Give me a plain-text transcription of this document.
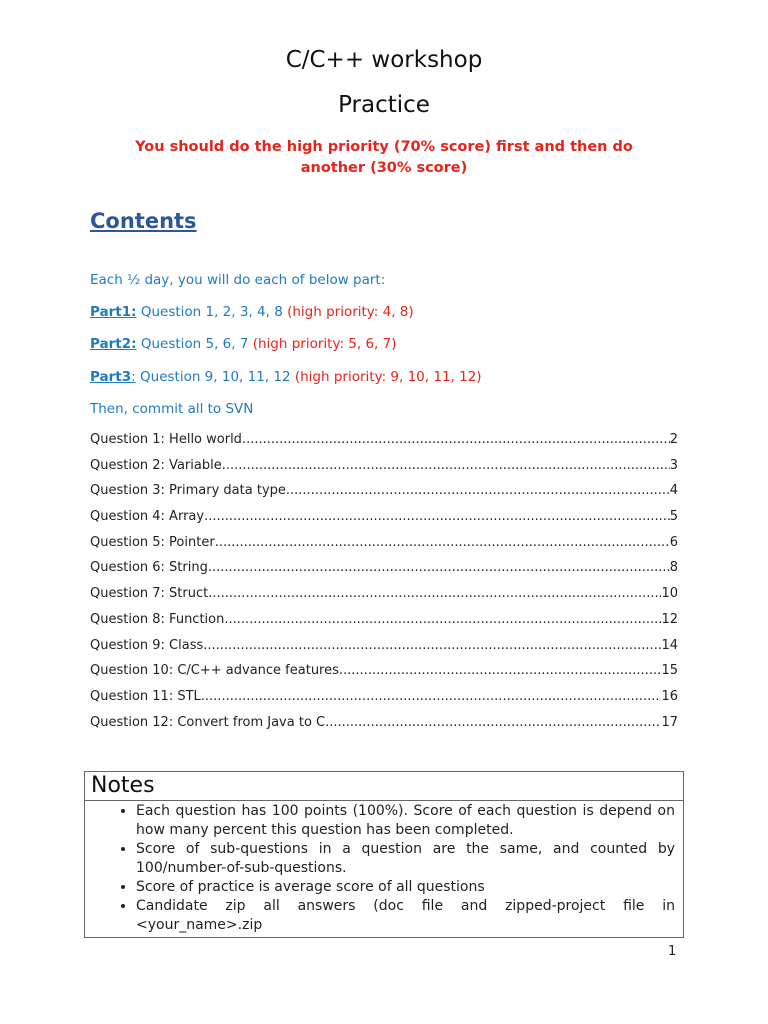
C/C++ workshop
Practice
You should do the high priority (70% score) first and then do another (30% score)
Contents
Each ½ day, you will do each of below part:
Part1: Question 1, 2, 3, 4, 8 (high priority: 4, 8)
Part2: Question 5, 6, 7 (high priority: 5, 6, 7)
Part3: Question 9, 10, 11, 12 (high priority: 9, 10, 11, 12)
Then, commit all to SVN
Question 1: Hello world .....	2
Question 2: Variable .....	3
Question 3: Primary data type .....	4
Question 4: Array .....	5
Question 5: Pointer .....	6
Question 6: String .....	8
Question 7: Struct .....	10
Question 8: Function .....	12
Question 9: Class .....	14
Question 10: C/C++ advance features .....	15
Question 11: STL .....	16
Question 12: Convert from Java to C .....	17
Notes
• Each question has 100 points (100%). Score of each question is depend on how many percent this question has been completed.
• Score of sub-questions in a question are the same, and counted by 100/number-of-sub-questions.
• Score of practice is average score of all questions
• Candidate zip all answers (doc file and zipped-project file in <your_name>.zip
1
